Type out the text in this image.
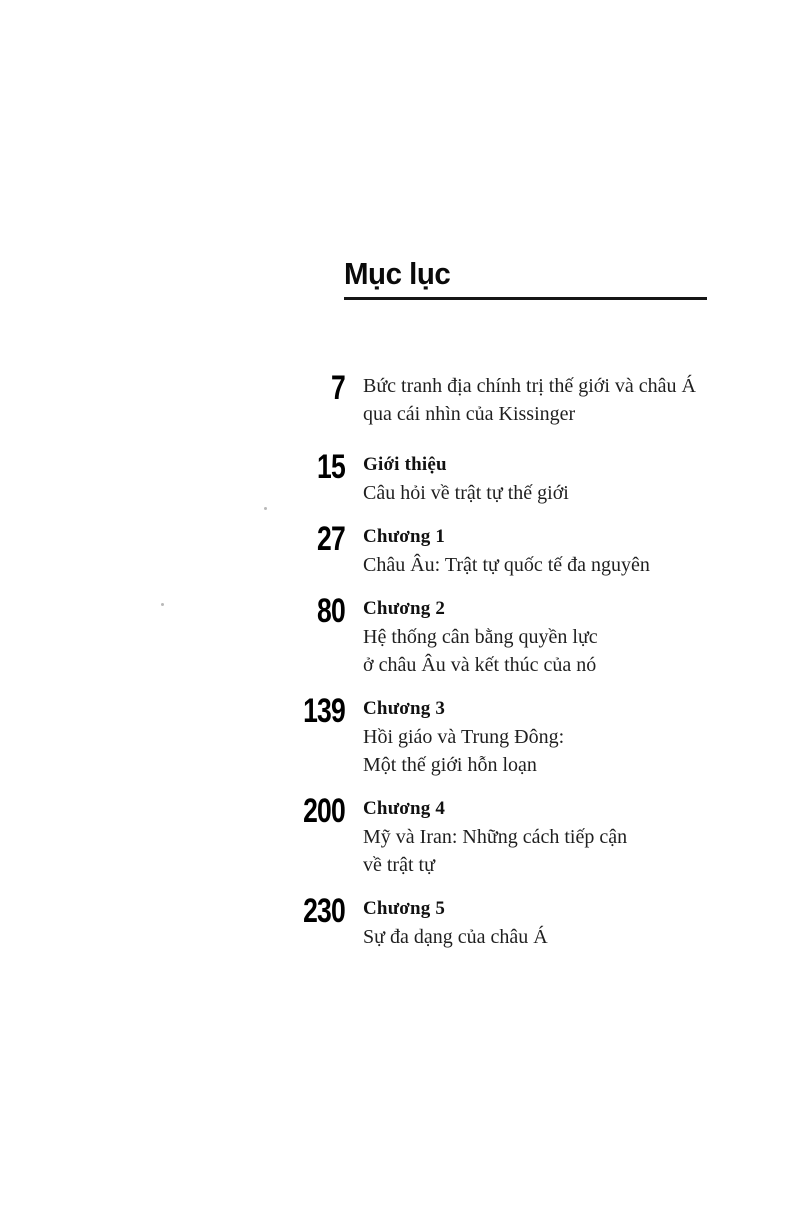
Mục lục
7 Bức tranh địa chính trị thế giới và châu Á
qua cái nhìn của Kissinger
15 Giới thiệu
Câu hỏi về trật tự thế giới
27 Chương 1
Châu Âu: Trật tự quốc tế đa nguyên
80 Chương 2
Hệ thống cân bằng quyền lực
ở châu Âu và kết thúc của nó
139 Chương 3
Hồi giáo và Trung Đông:
Một thế giới hỗn loạn
200 Chương 4
Mỹ và Iran: Những cách tiếp cận
về trật tự
230 Chương 5
Sự đa dạng của châu Á
